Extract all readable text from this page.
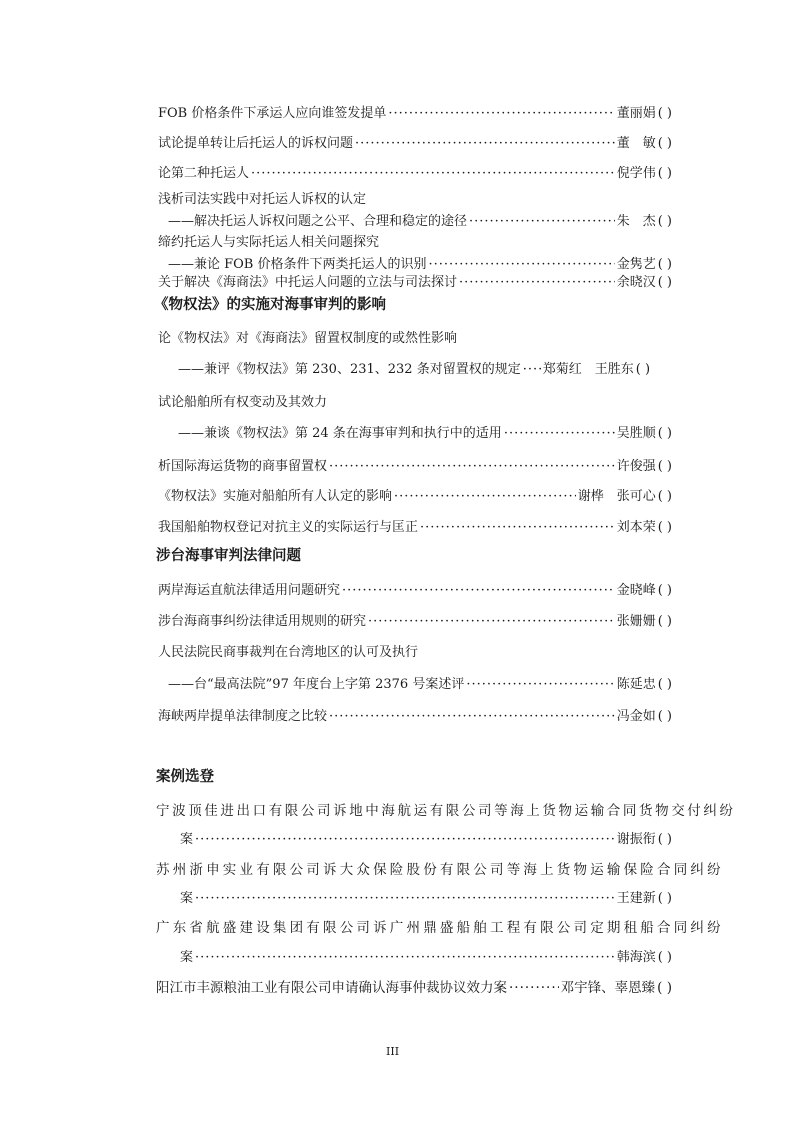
FOB 价格条件下承运人应向谁签发提单 ·····	董丽娟 ( )
试论提单转让后托运人的诉权问题 ·····	董　敏 ( )
论第二种托运人 ·····	倪学伟 ( )
浅析司法实践中对托运人诉权的认定
——解决托运人诉权问题之公平、合理和稳定的途径 ·····	朱　杰 ( )
缔约托运人与实际托运人相关问题探究
——兼论 FOB 价格条件下两类托运人的识别 ·····	金隽艺 ( )
关于解决《海商法》中托运人问题的立法与司法探讨 ·····	余晓汉 ( )
《物权法》的实施对海事审判的影响
论《物权法》对《海商法》留置权制度的或然性影响
——兼评《物权法》第 230、231、232 条对留置权的规定 ····· 郑菊红　王胜东 ( )
试论船舶所有权变动及其效力
——兼谈《物权法》第 24 条在海事审判和执行中的适用 ·····	吴胜顺 ( )
析国际海运货物的商事留置权 ·····	许俊强 ( )
《物权法》实施对船舶所有人认定的影响 ·····	谢桦　张可心 ( )
我国船舶物权登记对抗主义的实际运行与匡正 ·····	刘本荣 ( )
涉台海事审判法律问题
两岸海运直航法律适用问题研究 ·····	金晓峰 ( )
涉台海商事纠纷法律适用规则的研究 ·····	张姗姗 ( )
人民法院民商事裁判在台湾地区的认可及执行
——台“最高法院”97 年度台上字第 2376 号案述评 ·····	陈延忠 ( )
海峡两岸提单法律制度之比较 ·····	冯金如 ( )
案例选登
宁波顶佳进出口有限公司诉地中海航运有限公司等海上货物运输合同货物交付纠纷
案 ·····	谢振衔 ( )
苏州浙申实业有限公司诉大众保险股份有限公司等海上货物运输保险合同纠纷
案 ·····	王建新 ( )
广东省航盛建设集团有限公司诉广州鼎盛船舶工程有限公司定期租船合同纠纷
案 ·····	韩海滨 ( )
阳江市丰源粮油工业有限公司申请确认海事仲裁协议效力案 ·····	邓宇锋、辜恩臻 ( )
III
